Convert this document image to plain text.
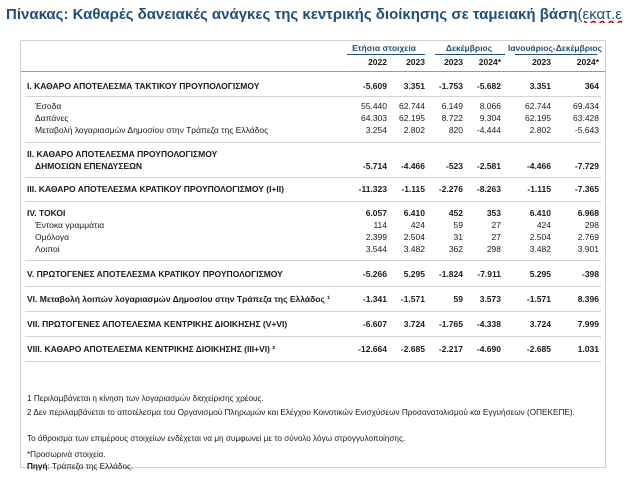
Πίνακας: Καθαρές δανειακές ανάγκες της κεντρικής διοίκησης σε ταμειακή βάση(εκατ.ε
Ετήσια στοιχεία	Δεκέμβριος	Ιανουάριος-Δεκέμβριος
2022	2023	2023	2024*	2023	2024*
I. ΚΑΘΑΡΟ ΑΠΟΤΕΛΕΣΜΑ ΤΑΚΤΙΚΟΥ ΠΡΟΥΠΟΛΟΓΙΣΜΟΥ	-5.609	3.351	-1.753	-5.682	3.351	364
Έσοδα	55.440	62.744	6.149	8.066	62.744	69.434
Δαπάνες	64.303	62.195	8.722	9.304	62.195	63.428
Μεταβολή λογαριασμών Δημοσίου στην Τράπεζα της Ελλάδος	3.254	2.802	820	-4.444	2.802	-5.643
II. ΚΑΘΑΡΟ ΑΠΟΤΕΛΕΣΜΑ ΠΡΟΥΠΟΛΟΓΙΣΜΟΥ
ΔΗΜΟΣΙΩΝ ΕΠΕΝΔΥΣΕΩΝ	-5.714	-4.466	-523	-2.581	-4.466	-7.729
III. ΚΑΘΑΡΟ ΑΠΟΤΕΛΕΣΜΑ ΚΡΑΤΙΚΟΥ ΠΡΟΥΠΟΛΟΓΙΣΜΟΥ (I+II)	-11.323	-1.115	-2.276	-8.263	-1.115	-7.365
IV. ΤΟΚΟΙ	6.057	6.410	452	353	6.410	6.968
Έντοκα γραμμάτια	114	424	59	27	424	298
Ομόλογα	2.399	2.504	31	27	2.504	2.769
Λοιποί	3.544	3.482	362	298	3.482	3.901
V. ΠΡΩΤΟΓΕΝΕΣ ΑΠΟΤΕΛΕΣΜΑ ΚΡΑΤΙΚΟΥ ΠΡΟΥΠΟΛΟΓΙΣΜΟΥ	-5.266	5.295	-1.824	-7.911	5.295	-398
VI. Μεταβολή λοιπών λογαριασμών Δημοσίου στην Τράπεζα της Ελλάδος ¹	-1.341	-1.571	59	3.573	-1.571	8.396
VII. ΠΡΩΤΟΓΕΝΕΣ ΑΠΟΤΕΛΕΣΜΑ ΚΕΝΤΡΙΚΗΣ ΔΙΟΙΚΗΣΗΣ (V+VI)	-6.607	3.724	-1.765	-4.338	3.724	7.999
VIII. ΚΑΘΑΡΟ ΑΠΟΤΕΛΕΣΜΑ ΚΕΝΤΡΙΚΗΣ ΔΙΟΙΚΗΣΗΣ (III+VI) ²	-12.664	-2.685	-2.217	-4.690	-2.685	1.031
1 Περιλαμβάνεται η κίνηση των λογαριασμών διαχείρισης χρέους.
2 Δεν περιλαμβάνεται το αποτέλεσμα του Οργανισμού Πληρωμών και Ελέγχου Κοινοτικών Ενισχύσεων Προσανατολισμού και Εγγυήσεων (ΟΠΕΚΕΠΕ).
Το άθροισμα των επιμέρους στοιχείων ενδέχεται να μη συμφωνεί με το σύνολο λόγω στρογγυλοποίησης.
*Προσωρινά στοιχεία.
Πηγή: Τράπεζα της Ελλάδος.
